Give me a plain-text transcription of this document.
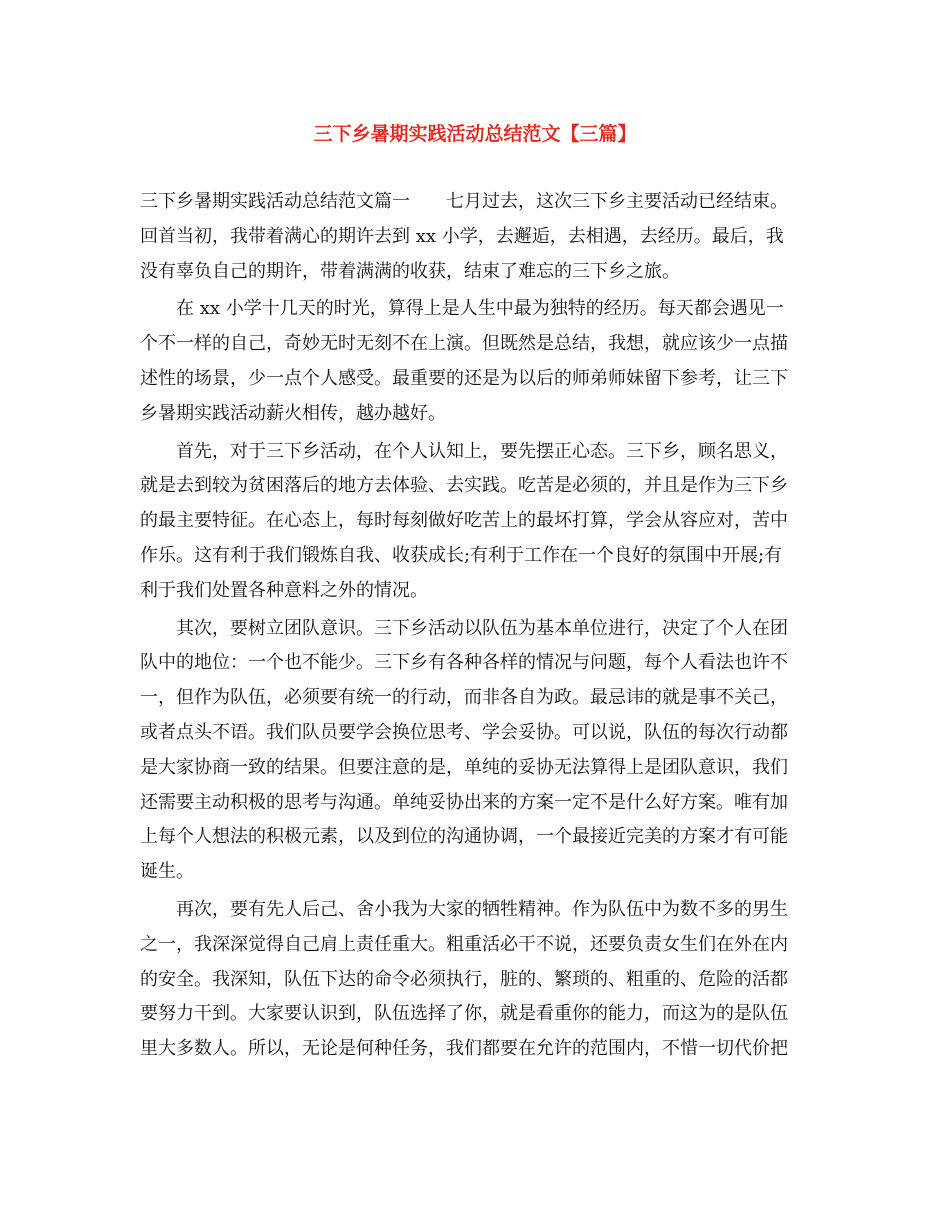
三下乡暑期实践活动总结范文【三篇】
三下乡暑期实践活动总结范文篇一　　七月过去，这次三下乡主要活动已经结束。
回首当初，我带着满心的期许去到 xx 小学，去邂逅，去相遇，去经历。最后，我
没有辜负自己的期许，带着满满的收获，结束了难忘的三下乡之旅。
在 xx 小学十几天的时光，算得上是人生中最为独特的经历。每天都会遇见一
个不一样的自己，奇妙无时无刻不在上演。但既然是总结，我想，就应该少一点描
述性的场景，少一点个人感受。最重要的还是为以后的师弟师妹留下参考，让三下
乡暑期实践活动薪火相传，越办越好。
首先，对于三下乡活动，在个人认知上，要先摆正心态。三下乡，顾名思义，
就是去到较为贫困落后的地方去体验、去实践。吃苦是必须的，并且是作为三下乡
的最主要特征。在心态上，每时每刻做好吃苦上的最坏打算，学会从容应对，苦中
作乐。这有利于我们锻炼自我、收获成长;有利于工作在一个良好的氛围中开展;有
利于我们处置各种意料之外的情况。
其次，要树立团队意识。三下乡活动以队伍为基本单位进行，决定了个人在团
队中的地位：一个也不能少。三下乡有各种各样的情况与问题，每个人看法也许不
一，但作为队伍，必须要有统一的行动，而非各自为政。最忌讳的就是事不关己，
或者点头不语。我们队员要学会换位思考、学会妥协。可以说，队伍的每次行动都
是大家协商一致的结果。但要注意的是，单纯的妥协无法算得上是团队意识，我们
还需要主动积极的思考与沟通。单纯妥协出来的方案一定不是什么好方案。唯有加
上每个人想法的积极元素，以及到位的沟通协调，一个最接近完美的方案才有可能
诞生。
再次，要有先人后己、舍小我为大家的牺牲精神。作为队伍中为数不多的男生
之一，我深深觉得自己肩上责任重大。粗重活必干不说，还要负责女生们在外在内
的安全。我深知，队伍下达的命令必须执行，脏的、繁琐的、粗重的、危险的活都
要努力干到。大家要认识到，队伍选择了你，就是看重你的能力，而这为的是队伍
里大多数人。所以，无论是何种任务，我们都要在允许的范围内，不惜一切代价把
